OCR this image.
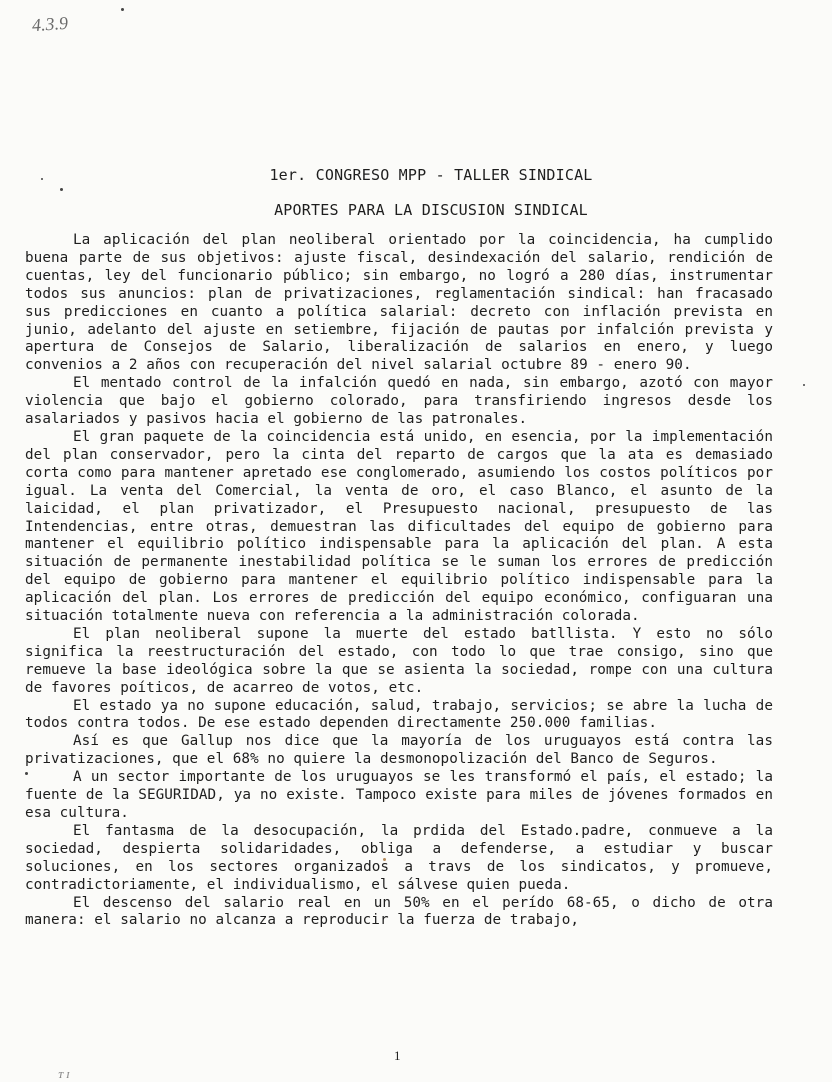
4.3.9
1er. CONGRESO MPP - TALLER SINDICAL
APORTES PARA LA DISCUSION SINDICAL

La aplicación del plan neoliberal orientado por la coincidencia, ha cumplido buena parte de sus objetivos: ajuste fiscal, desindexación del salario, rendición de cuentas, ley del funcionario público; sin embargo, no logró a 280 días, instrumentar todos sus anuncios: plan de privatizaciones, reglamentación sindical: han fracasado sus predicciones en cuanto a política salarial: decreto con inflación prevista en junio, adelanto del ajuste en setiembre, fijación de pautas por infalción prevista y apertura de Consejos de Salario, liberalización de salarios en enero, y luego convenios a 2 años con recuperación del nivel salarial octubre 89 - enero 90.

El mentado control de la infalción quedó en nada, sin embargo, azotó con mayor violencia que bajo el gobierno colorado, para transfiriendo ingresos desde los asalariados y pasivos hacia el gobierno de las patronales.

El gran paquete de la coincidencia está unido, en esencia, por la implementación del plan conservador, pero la cinta del reparto de cargos que la ata es demasiado corta como para mantener apretado ese conglomerado, asumiendo los costos políticos por igual. La venta del Comercial, la venta de oro, el caso Blanco, el asunto de la laicidad, el plan privatizador, el Presupuesto nacional, presupuesto de las Intendencias, entre otras, demuestran las dificultades del equipo de gobierno para mantener el equilibrio político indispensable para la aplicación del plan. A esta situación de permanente inestabilidad política se le suman los errores de predicción del equipo de gobierno para mantener el equilibrio político indispensable para la aplicación del plan. Los errores de predicción del equipo económico, configuaran una situación totalmente nueva con referencia a la administración colorada.

El plan neoliberal supone la muerte del estado batllista. Y esto no sólo significa la reestructuración del estado, con todo lo que trae consigo, sino que remueve la base ideológica sobre la que se asienta la sociedad, rompe con una cultura de favores poíticos, de acarreo de votos, etc.

El estado ya no supone educación, salud, trabajo, servicios; se abre la lucha de todos contra todos. De ese estado dependen directamente 250.000 familias.

Así es que Gallup nos dice que la mayoría de los uruguayos está contra las privatizaciones, que el 68% no quiere la desmonopolización del Banco de Seguros.

A un sector importante de los uruguayos se les transformó el país, el estado; la fuente de la SEGURIDAD, ya no existe. Tampoco existe para miles de jóvenes formados en esa cultura.

El fantasma de la desocupación, la prdida del Estado.padre, conmueve a la sociedad, despierta solidaridades, obliga a defenderse, a estudiar y buscar soluciones, en los sectores organizados a travs de los sindicatos, y promueve, contradictoriamente, el individualismo, el sálvese quien pueda.

El descenso del salario real en un 50% en el perído 68-65, o dicho de otra manera: el salario no alcanza a reproducir la fuerza de trabajo,

1
ᴛ ɪ
